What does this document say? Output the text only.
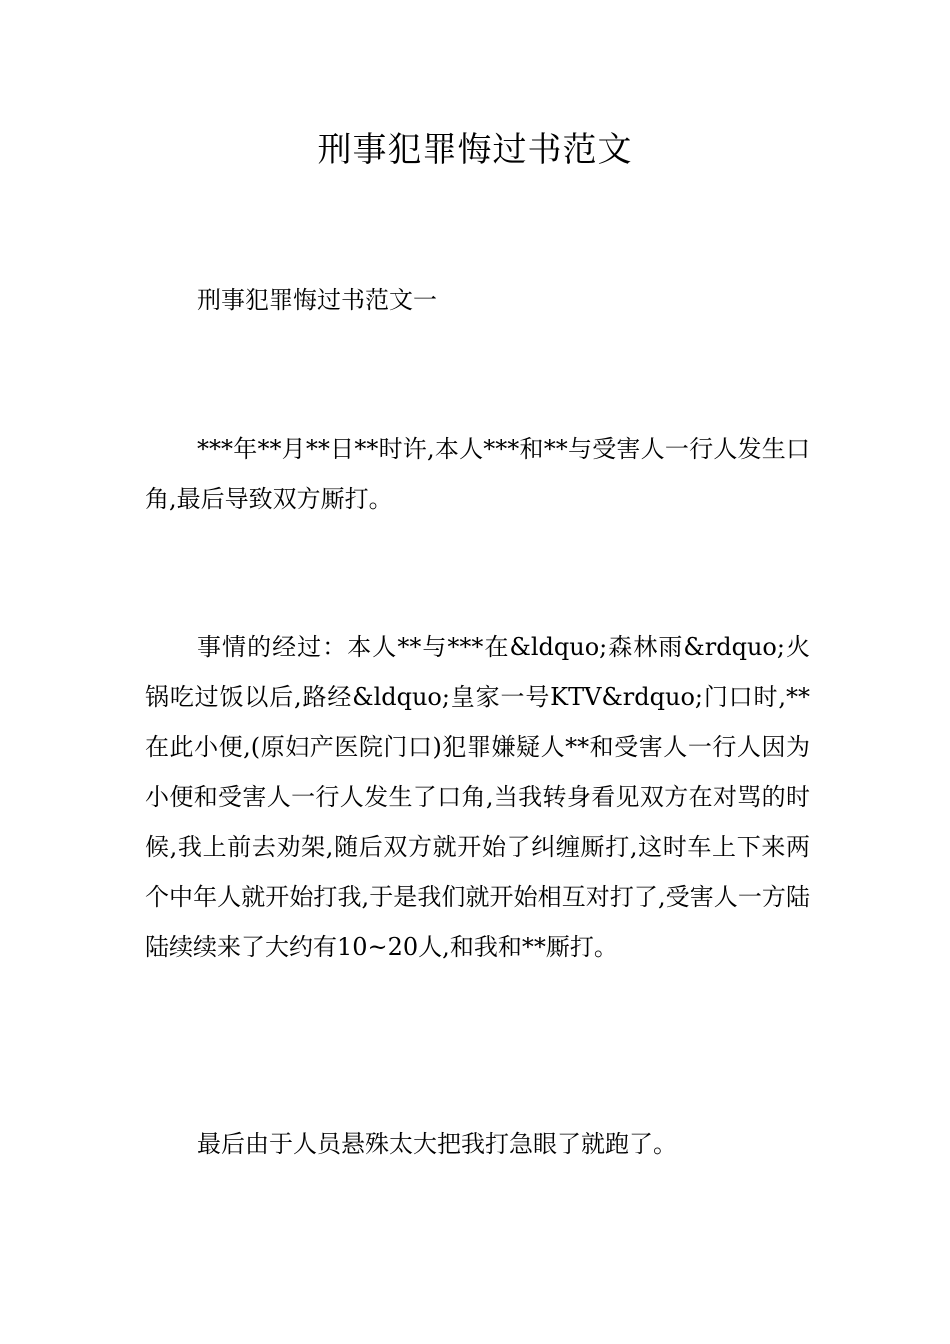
刑事犯罪悔过书范文

刑事犯罪悔过书范文一

***年**月**日**时许,本人***和**与受害人一行人发生口角,最后导致双方厮打。

事情的经过：本人**与***在&ldquo;森林雨&rdquo;火锅吃过饭以后,路经&ldquo;皇家一号KTV&rdquo;门口时,**在此小便,(原妇产医院门口)犯罪嫌疑人**和受害人一行人因为小便和受害人一行人发生了口角,当我转身看见双方在对骂的时候,我上前去劝架,随后双方就开始了纠缠厮打,这时车上下来两个中年人就开始打我,于是我们就开始相互对打了,受害人一方陆陆续续来了大约有10~20人,和我和**厮打。

最后由于人员悬殊太大把我打急眼了就跑了。
